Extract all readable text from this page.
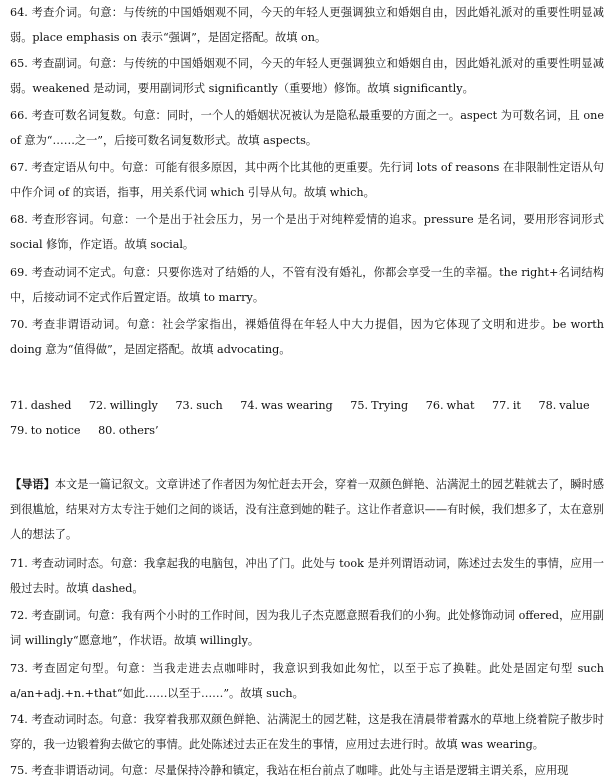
64. 考查介词。句意：与传统的中国婚姻观不同，今天的年轻人更强调独立和婚姻自由，因此婚礼派对的重要性明显减弱。place emphasis on 表示“强调”，是固定搭配。故填 on。

65. 考查副词。句意：与传统的中国婚姻观不同，今天的年轻人更强调独立和婚姻自由，因此婚礼派对的重要性明显减弱。weakened 是动词，要用副词形式 significantly（重要地）修饰。故填 significantly。

66. 考查可数名词复数。句意：同时，一个人的婚姻状况被认为是隐私最重要的方面之一。aspect 为可数名词，且 one of 意为“……之一”，后接可数名词复数形式。故填 aspects。

67. 考查定语从句中。句意：可能有很多原因，其中两个比其他的更重要。先行词 lots of reasons 在非限制性定语从句中作介词 of 的宾语，指事，用关系代词 which 引导从句。故填 which。

68. 考查形容词。句意：一个是出于社会压力，另一个是出于对纯粹爱情的追求。pressure 是名词，要用形容词形式 social 修饰，作定语。故填 social。

69. 考查动词不定式。句意：只要你选对了结婚的人，不管有没有婚礼，你都会享受一生的幸福。the right+名词结构中，后接动词不定式作后置定语。故填 to marry。

70. 考查非谓语动词。句意：社会学家指出，裸婚值得在年轻人中大力提倡，因为它体现了文明和进步。be worth doing 意为“值得做”，是固定搭配。故填 advocating。

71. dashed 72. willingly 73. such 74. was wearing 75. Trying 76. what 77. it 78. value
79. to notice 80. others’

【导语】本文是一篇记叙文。文章讲述了作者因为匆忙赶去开会，穿着一双颜色鲜艳、沾满泥土的园艺鞋就去了，瞬时感到很尴尬，结果对方太专注于她们之间的谈话，没有注意到她的鞋子。这让作者意识——有时候，我们想多了，太在意别人的想法了。

71. 考查动词时态。句意：我拿起我的电脑包，冲出了门。此处与 took 是并列谓语动词，陈述过去发生的事情，应用一般过去时。故填 dashed。

72. 考查副词。句意：我有两个小时的工作时间，因为我儿子杰克愿意照看我们的小狗。此处修饰动词 offered，应用副词 willingly“愿意地”，作状语。故填 willingly。

73. 考查固定句型。句意：当我走进去点咖啡时，我意识到我如此匆忙，以至于忘了换鞋。此处是固定句型 such a/an+adj.+n.+that“如此……以至于……”。故填 such。

74. 考查动词时态。句意：我穿着我那双颜色鲜艳、沾满泥土的园艺鞋，这是我在清晨带着露水的草地上绕着院子散步时穿的，我一边锻着狗去做它的事情。此处陈述过去正在发生的事情，应用过去进行时。故填 was wearing。

75. 考查非谓语动词。句意：尽量保持冷静和镇定，我站在柜台前点了咖啡。此处与主语是逻辑主谓关系，应用现
